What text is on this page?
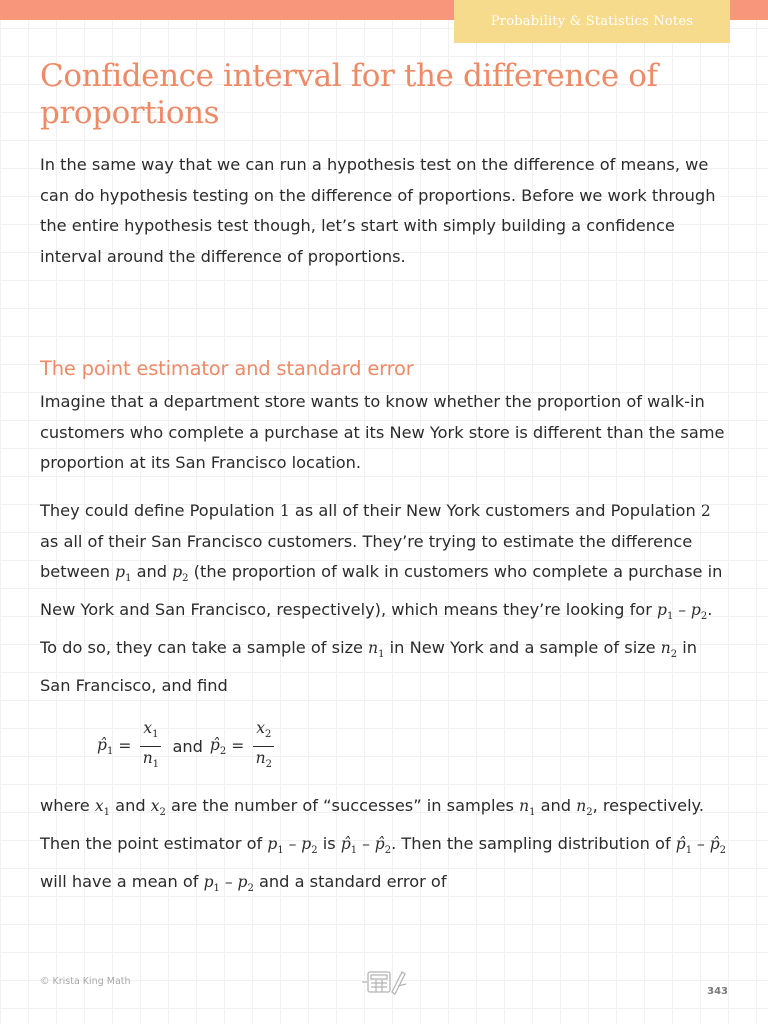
Probability & Statistics Notes
Confidence interval for the difference of proportions

In the same way that we can run a hypothesis test on the difference of means, we can do hypothesis testing on the difference of proportions. Before we work through the entire hypothesis test though, let’s start with simply building a confidence interval around the difference of proportions.

The point estimator and standard error

Imagine that a department store wants to know whether the proportion of walk-in customers who complete a purchase at its New York store is different than the same proportion at its San Francisco location.

They could define Population 1 as all of their New York customers and Population 2 as all of their San Francisco customers. They’re trying to estimate the difference between $p_1$ and $p_2$ (the proportion of walk in customers who complete a purchase in New York and San Francisco, respectively), which means they’re looking for $p_1 - p_2$. To do so, they can take a sample of size $n_1$ in New York and a sample of size $n_2$ in San Francisco, and find

$p̂_1 = \frac{x_1}{n_1}$ and $p̂_2 = \frac{x_2}{n_2}$

where $x_1$ and $x_2$ are the number of “successes” in samples $n_1$ and $n_2$, respectively. Then the point estimator of $p_1 - p_2$ is $p̂_1$ – $p̂_2$. Then the sampling distribution of $p̂_1$ – $p̂_2$ will have a mean of $p_1 - p_2$ and a standard error of

© Krista King Math
343
